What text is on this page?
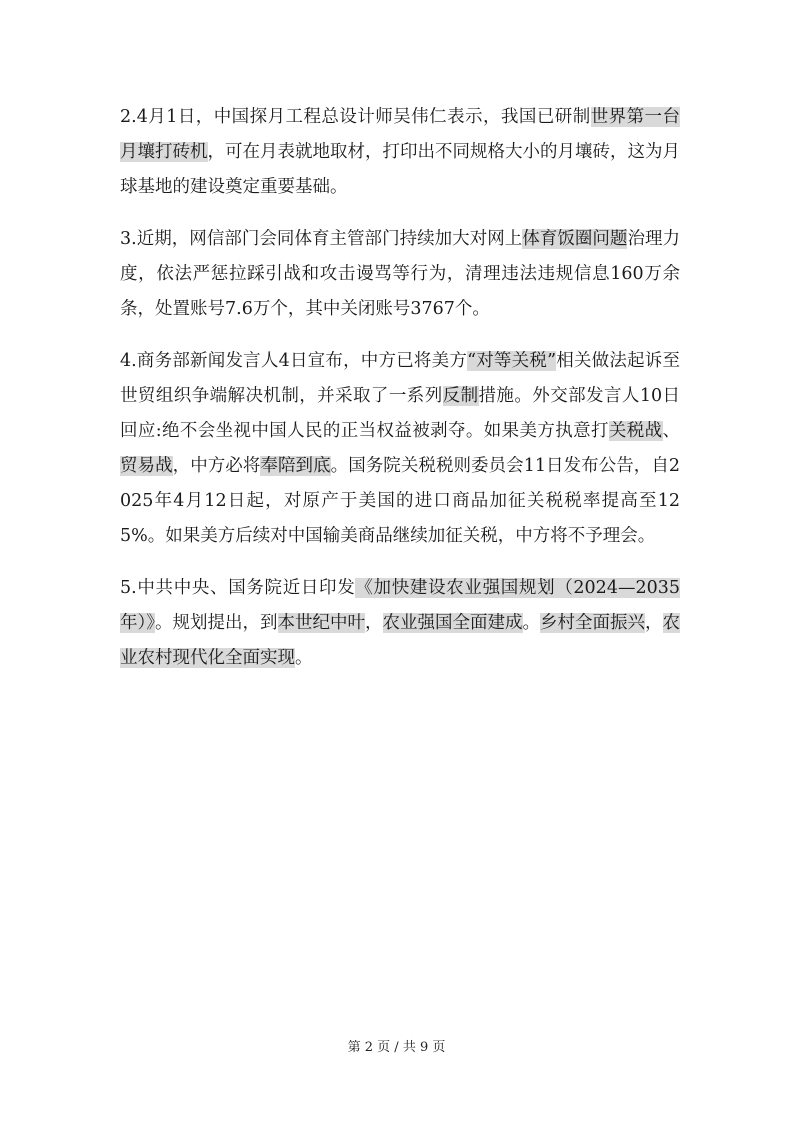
2.4月1日，中国探月工程总设计师吴伟仁表示，我国已研制世界第一台月壤打砖机，可在月表就地取材，打印出不同规格大小的月壤砖，这为月球基地的建设奠定重要基础。

3.近期，网信部门会同体育主管部门持续加大对网上体育饭圈问题治理力度，依法严惩拉踩引战和攻击谩骂等行为，清理违法违规信息160万余条，处置账号7.6万个，其中关闭账号3767个。

4.商务部新闻发言人4日宣布，中方已将美方“对等关税”相关做法起诉至世贸组织争端解决机制，并采取了一系列反制措施。外交部发言人10日回应:绝不会坐视中国人民的正当权益被剥夺。如果美方执意打关税战、贸易战，中方必将奉陪到底。国务院关税税则委员会11日发布公告，自2025年4月12日起，对原产于美国的进口商品加征关税税率提高至125%。如果美方后续对中国输美商品继续加征关税，中方将不予理会。

5.中共中央、国务院近日印发《加快建设农业强国规划（2024—2035年）》。规划提出，到本世纪中叶，农业强国全面建成。乡村全面振兴，农业农村现代化全面实现。

第 2 页 / 共 9 页
